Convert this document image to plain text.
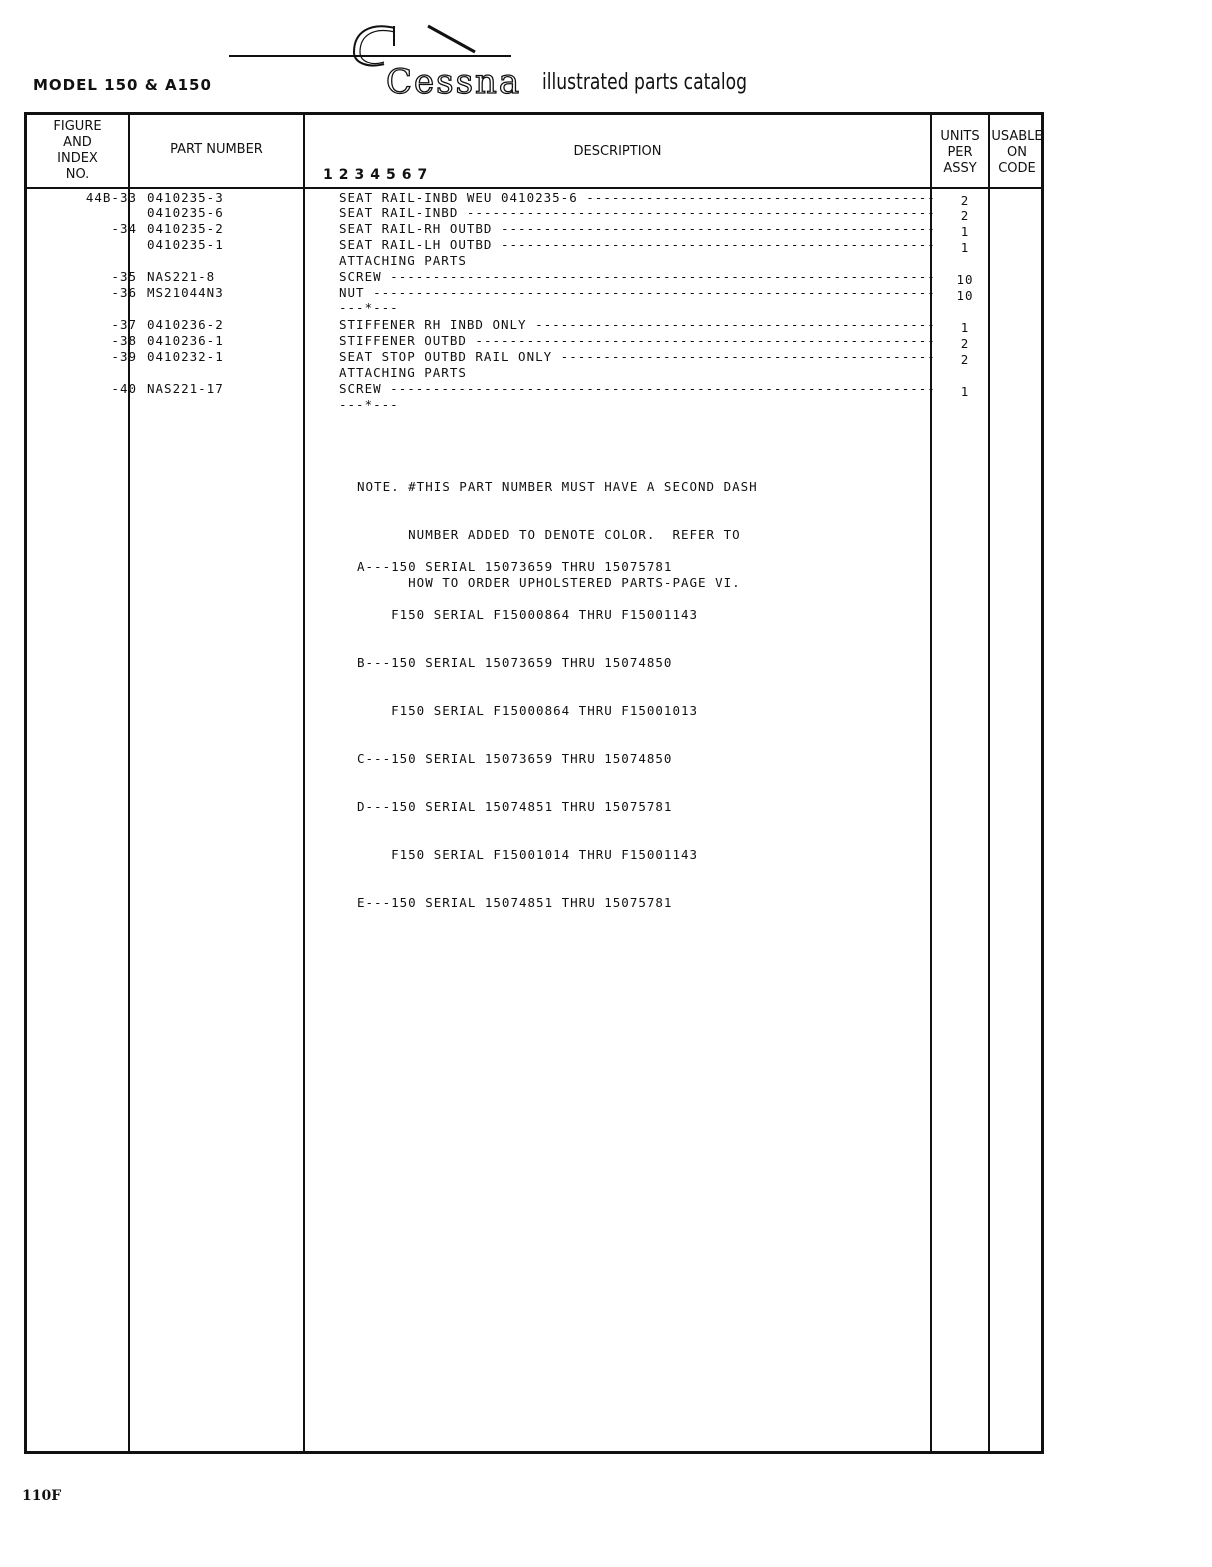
MODEL 150 & A150	Cessna illustrated parts catalog
FIGURE
AND
INDEX
NO.
PART NUMBER	DESCRIPTION
1234567
UNITS
PER
ASSY
USABLE
ON
CODE
44B-33 0410235-3	SEAT RAIL-INBD WEU 0410235-6 -----	2
0410235-6	SEAT RAIL-INBD -----	2
-34 0410235-2	SEAT RAIL-RH OUTBD -----	1
0410235-1	SEAT RAIL-LH OUTBD -----	1
ATTACHING PARTS
-35 NAS221-8	SCREW -----	10
-36 MS21044N3	NUT -----	10
---*---
-37 0410236-2	STIFFENER RH INBD ONLY -----	1
-38 0410236-1	STIFFENER OUTBD -----	2
-39 0410232-1	SEAT STOP OUTBD RAIL ONLY -----	2
ATTACHING PARTS
-40 NAS221-17	SCREW -----	1
---*---

NOTE. #THIS PART NUMBER MUST HAVE A SECOND DASH

NUMBER ADDED TO DENOTE COLOR.  REFER TO

HOW TO ORDER UPHOLSTERED PARTS-PAGE VI.

A---150 SERIAL 15073659 THRU 15075781

F150 SERIAL F15000864 THRU F15001143

B---150 SERIAL 15073659 THRU 15074850

F150 SERIAL F15000864 THRU F15001013

C---150 SERIAL 15073659 THRU 15074850

D---150 SERIAL 15074851 THRU 15075781

F150 SERIAL F15001014 THRU F15001143

E---150 SERIAL 15074851 THRU 15075781

110F
